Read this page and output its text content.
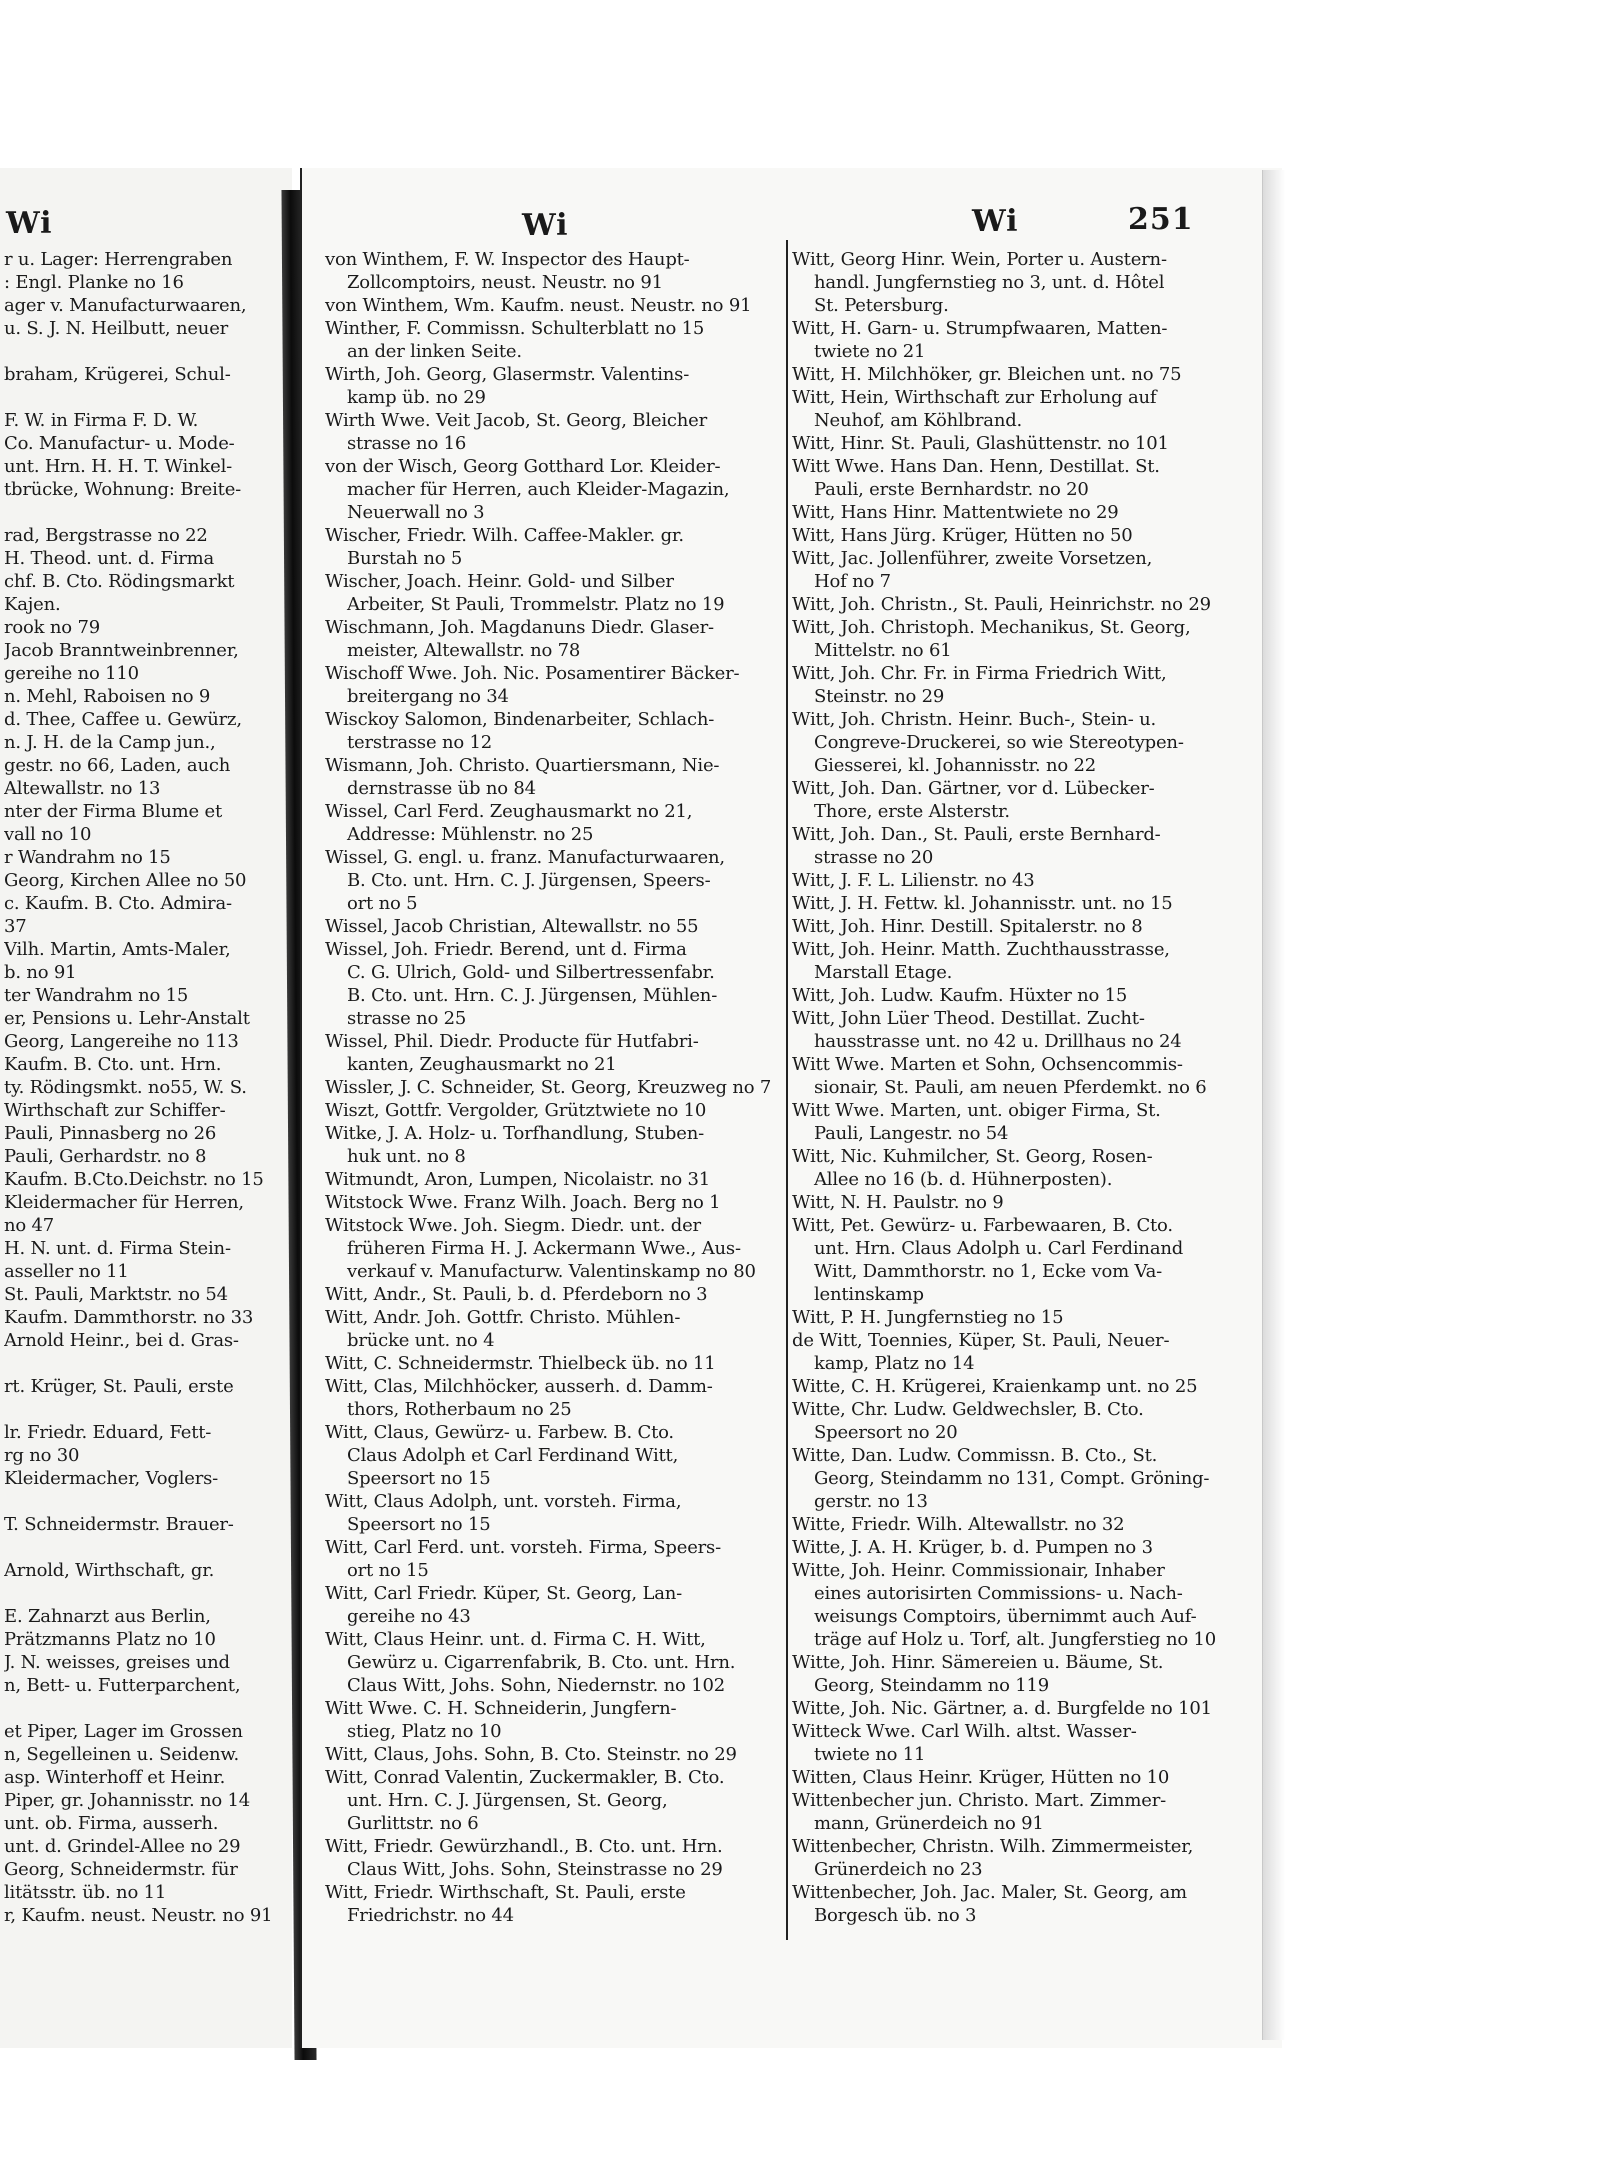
Wi	Wi	Wi	251
r u. Lager: Herrengraben
: Engl. Planke no 16
ager v. Manufacturwaaren,
u. S. J. N. Heilbutt, neuer
braham, Krügerei, Schul-
F. W. in Firma F. D. W.
Co. Manufactur- u. Mode-
unt. Hrn. H. H. T. Winkel-
tbrücke, Wohnung: Breite-
rad, Bergstrasse no 22
H. Theod. unt. d. Firma
chf. B. Cto. Rödingsmarkt
Kajen.
rook no 79
Jacob Branntweinbrenner,
gereihe no 110
n. Mehl, Raboisen no 9
d. Thee, Caffee u. Gewürz,
n. J. H. de la Camp jun.,
gestr. no 66, Laden, auch
Altewallstr. no 13
nter der Firma Blume et
vall no 10
r Wandrahm no 15
Georg, Kirchen Allee no 50
c. Kaufm. B. Cto. Admira-
37
Vilh. Martin, Amts-Maler,
b. no 91
ter Wandrahm no 15
er, Pensions u. Lehr-Anstalt
Georg, Langereihe no 113
Kaufm. B. Cto. unt. Hrn.
ty. Rödingsmkt. no55, W. S.
Wirthschaft zur Schiffer-
Pauli, Pinnasberg no 26
Pauli, Gerhardstr. no 8
Kaufm. B.Cto.Deichstr. no 15
Kleidermacher für Herren,
no 47
H. N. unt. d. Firma Stein-
asseller no 11
St. Pauli, Marktstr. no 54
Kaufm. Dammthorstr. no 33
Arnold Heinr., bei d. Gras-
rt. Krüger, St. Pauli, erste
lr. Friedr. Eduard, Fett-
rg no 30
Kleidermacher, Voglers-
T. Schneidermstr. Brauer-
Arnold, Wirthschaft, gr.
E. Zahnarzt aus Berlin,
Prätzmanns Platz no 10
J. N. weisses, greises und
n, Bett- u. Futterparchent,
et Piper, Lager im Grossen
n, Segelleinen u. Seidenw.
asp. Winterhoff et Heinr.
Piper, gr. Johannisstr. no 14
unt. ob. Firma, ausserh.
unt. d. Grindel-Allee no 29
Georg, Schneidermstr. für
litätsstr. üb. no 11
r, Kaufm. neust. Neustr. no 91
von Winthem, F. W. Inspector des Haupt-
Zollcomptoirs, neust. Neustr. no 91
von Winthem, Wm. Kaufm. neust. Neustr. no 91
Winther, F. Commissn. Schulterblatt no 15
an der linken Seite.
Wirth, Joh. Georg, Glasermstr. Valentins-
kamp üb. no 29
Wirth Wwe. Veit Jacob, St. Georg, Bleicher
strasse no 16
von der Wisch, Georg Gotthard Lor. Kleider-
macher für Herren, auch Kleider-Magazin,
Neuerwall no 3
Wischer, Friedr. Wilh. Caffee-Makler. gr.
Burstah no 5
Wischer, Joach. Heinr. Gold- und Silber
Arbeiter, St Pauli, Trommelstr. Platz no 19
Wischmann, Joh. Magdanuns Diedr. Glaser-
meister, Altewallstr. no 78
Wischoff Wwe. Joh. Nic. Posamentirer Bäcker-
breitergang no 34
Wisckoy Salomon, Bindenarbeiter, Schlach-
terstrasse no 12
Wismann, Joh. Christo. Quartiersmann, Nie-
dernstrasse üb no 84
Wissel, Carl Ferd. Zeughausmarkt no 21,
Addresse: Mühlenstr. no 25
Wissel, G. engl. u. franz. Manufacturwaaren,
B. Cto. unt. Hrn. C. J. Jürgensen, Speers-
ort no 5
Wissel, Jacob Christian, Altewallstr. no 55
Wissel, Joh. Friedr. Berend, unt d. Firma
C. G. Ulrich, Gold- und Silbertressenfabr.
B. Cto. unt. Hrn. C. J. Jürgensen, Mühlen-
strasse no 25
Wissel, Phil. Diedr. Producte für Hutfabri-
kanten, Zeughausmarkt no 21
Wissler, J. C. Schneider, St. Georg, Kreuzweg no 7
Wiszt, Gottfr. Vergolder, Grütztwiete no 10
Witke, J. A. Holz- u. Torfhandlung, Stuben-
huk unt. no 8
Witmundt, Aron, Lumpen, Nicolaistr. no 31
Witstock Wwe. Franz Wilh. Joach. Berg no 1
Witstock Wwe. Joh. Siegm. Diedr. unt. der
früheren Firma H. J. Ackermann Wwe., Aus-
verkauf v. Manufacturw. Valentinskamp no 80
Witt, Andr., St. Pauli, b. d. Pferdeborn no 3
Witt, Andr. Joh. Gottfr. Christo. Mühlen-
brücke unt. no 4
Witt, C. Schneidermstr. Thielbeck üb. no 11
Witt, Clas, Milchhöcker, ausserh. d. Damm-
thors, Rotherbaum no 25
Witt, Claus, Gewürz- u. Farbew. B. Cto.
Claus Adolph et Carl Ferdinand Witt,
Speersort no 15
Witt, Claus Adolph, unt. vorsteh. Firma,
Speersort no 15
Witt, Carl Ferd. unt. vorsteh. Firma, Speers-
ort no 15
Witt, Carl Friedr. Küper, St. Georg, Lan-
gereihe no 43
Witt, Claus Heinr. unt. d. Firma C. H. Witt,
Gewürz u. Cigarrenfabrik, B. Cto. unt. Hrn.
Claus Witt, Johs. Sohn, Niedernstr. no 102
Witt Wwe. C. H. Schneiderin, Jungfern-
stieg, Platz no 10
Witt, Claus, Johs. Sohn, B. Cto. Steinstr. no 29
Witt, Conrad Valentin, Zuckermakler, B. Cto.
unt. Hrn. C. J. Jürgensen, St. Georg,
Gurlittstr. no 6
Witt, Friedr. Gewürzhandl., B. Cto. unt. Hrn.
Claus Witt, Johs. Sohn, Steinstrasse no 29
Witt, Friedr. Wirthschaft, St. Pauli, erste
Friedrichstr. no 44
Witt, Georg Hinr. Wein, Porter u. Austern-
handl. Jungfernstieg no 3, unt. d. Hôtel
St. Petersburg.
Witt, H. Garn- u. Strumpfwaaren, Matten-
twiete no 21
Witt, H. Milchhöker, gr. Bleichen unt. no 75
Witt, Hein, Wirthschaft zur Erholung auf
Neuhof, am Köhlbrand.
Witt, Hinr. St. Pauli, Glashüttenstr. no 101
Witt Wwe. Hans Dan. Henn, Destillat. St.
Pauli, erste Bernhardstr. no 20
Witt, Hans Hinr. Mattentwiete no 29
Witt, Hans Jürg. Krüger, Hütten no 50
Witt, Jac. Jollenführer, zweite Vorsetzen,
Hof no 7
Witt, Joh. Christn., St. Pauli, Heinrichstr. no 29
Witt, Joh. Christoph. Mechanikus, St. Georg,
Mittelstr. no 61
Witt, Joh. Chr. Fr. in Firma Friedrich Witt,
Steinstr. no 29
Witt, Joh. Christn. Heinr. Buch-, Stein- u.
Congreve-Druckerei, so wie Stereotypen-
Giesserei, kl. Johannisstr. no 22
Witt, Joh. Dan. Gärtner, vor d. Lübecker-
Thore, erste Alsterstr.
Witt, Joh. Dan., St. Pauli, erste Bernhard-
strasse no 20
Witt, J. F. L. Lilienstr. no 43
Witt, J. H. Fettw. kl. Johannisstr. unt. no 15
Witt, Joh. Hinr. Destill. Spitalerstr. no 8
Witt, Joh. Heinr. Matth. Zuchthausstrasse,
Marstall Etage.
Witt, Joh. Ludw. Kaufm. Hüxter no 15
Witt, John Lüer Theod. Destillat. Zucht-
hausstrasse unt. no 42 u. Drillhaus no 24
Witt Wwe. Marten et Sohn, Ochsencommis-
sionair, St. Pauli, am neuen Pferdemkt. no 6
Witt Wwe. Marten, unt. obiger Firma, St.
Pauli, Langestr. no 54
Witt, Nic. Kuhmilcher, St. Georg, Rosen-
Allee no 16 (b. d. Hühnerposten).
Witt, N. H. Paulstr. no 9
Witt, Pet. Gewürz- u. Farbewaaren, B. Cto.
unt. Hrn. Claus Adolph u. Carl Ferdinand
Witt, Dammthorstr. no 1, Ecke vom Va-
lentinskamp
Witt, P. H. Jungfernstieg no 15
de Witt, Toennies, Küper, St. Pauli, Neuer-
kamp, Platz no 14
Witte, C. H. Krügerei, Kraienkamp unt. no 25
Witte, Chr. Ludw. Geldwechsler, B. Cto.
Speersort no 20
Witte, Dan. Ludw. Commissn. B. Cto., St.
Georg, Steindamm no 131, Compt. Gröning-
gerstr. no 13
Witte, Friedr. Wilh. Altewallstr. no 32
Witte, J. A. H. Krüger, b. d. Pumpen no 3
Witte, Joh. Heinr. Commissionair, Inhaber
eines autorisirten Commissions- u. Nach-
weisungs Comptoirs, übernimmt auch Auf-
träge auf Holz u. Torf, alt. Jungferstieg no 10
Witte, Joh. Hinr. Sämereien u. Bäume, St.
Georg, Steindamm no 119
Witte, Joh. Nic. Gärtner, a. d. Burgfelde no 101
Witteck Wwe. Carl Wilh. altst. Wasser-
twiete no 11
Witten, Claus Heinr. Krüger, Hütten no 10
Wittenbecher jun. Christo. Mart. Zimmer-
mann, Grünerdeich no 91
Wittenbecher, Christn. Wilh. Zimmermeister,
Grünerdeich no 23
Wittenbecher, Joh. Jac. Maler, St. Georg, am
Borgesch üb. no 3
